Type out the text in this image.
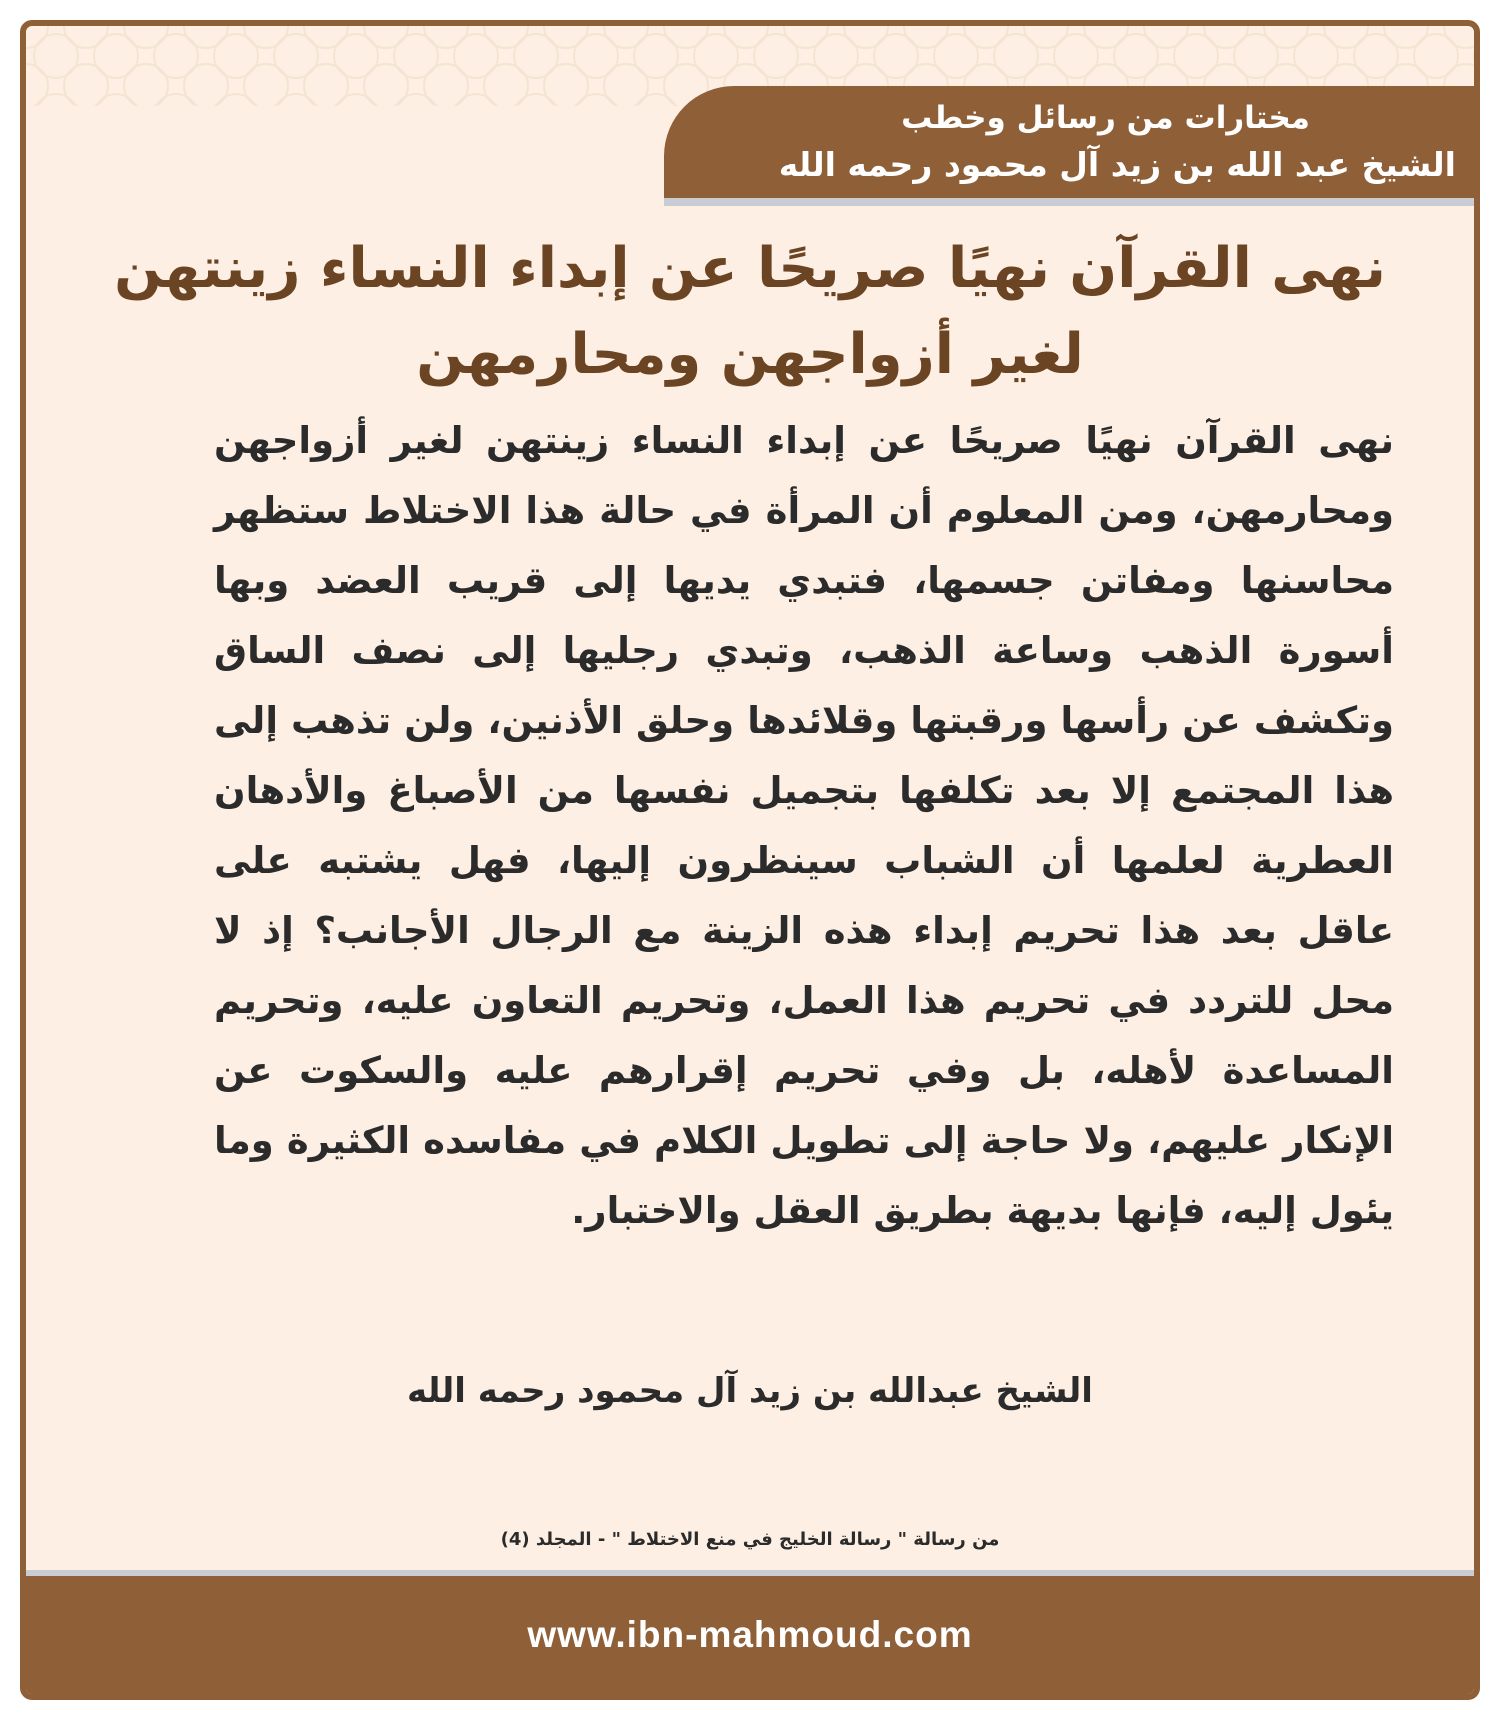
مختارات من رسائل وخطب
الشيخ عبد الله بن زيد آل محمود رحمه الله
نهى القرآن نهيًا صريحًا عن إبداء النساء زينتهن لغير أزواجهن ومحارمهن

نهى القرآن نهيًا صريحًا عن إبداء النساء زينتهن لغير أزواجهن ومحارمهن، ومن المعلوم أن المرأة في حالة هذا الاختلاط ستظهر محاسنها ومفاتن جسمها، فتبدي يديها إلى قريب العضد وبها أسورة الذهب وساعة الذهب، وتبدي رجليها إلى نصف الساق وتكشف عن رأسها ورقبتها وقلائدها وحلق الأذنين، ولن تذهب إلى هذا المجتمع إلا بعد تكلفها بتجميل نفسها من الأصباغ والأدهان العطرية لعلمها أن الشباب سينظرون إليها، فهل يشتبه على عاقل بعد هذا تحريم إبداء هذه الزينة مع الرجال الأجانب؟ إذ لا محل للتردد في تحريم هذا العمل، وتحريم التعاون عليه، وتحريم المساعدة لأهله، بل وفي تحريم إقرارهم عليه والسكوت عن الإنكار عليهم، ولا حاجة إلى تطويل الكلام في مفاسده الكثيرة وما يئول إليه، فإنها بديهة بطريق العقل والاختبار.

الشيخ عبدالله بن زيد آل محمود رحمه الله

من رسالة " رسالة الخليج في منع الاختلاط " - المجلد (4)

www.ibn-mahmoud.com
